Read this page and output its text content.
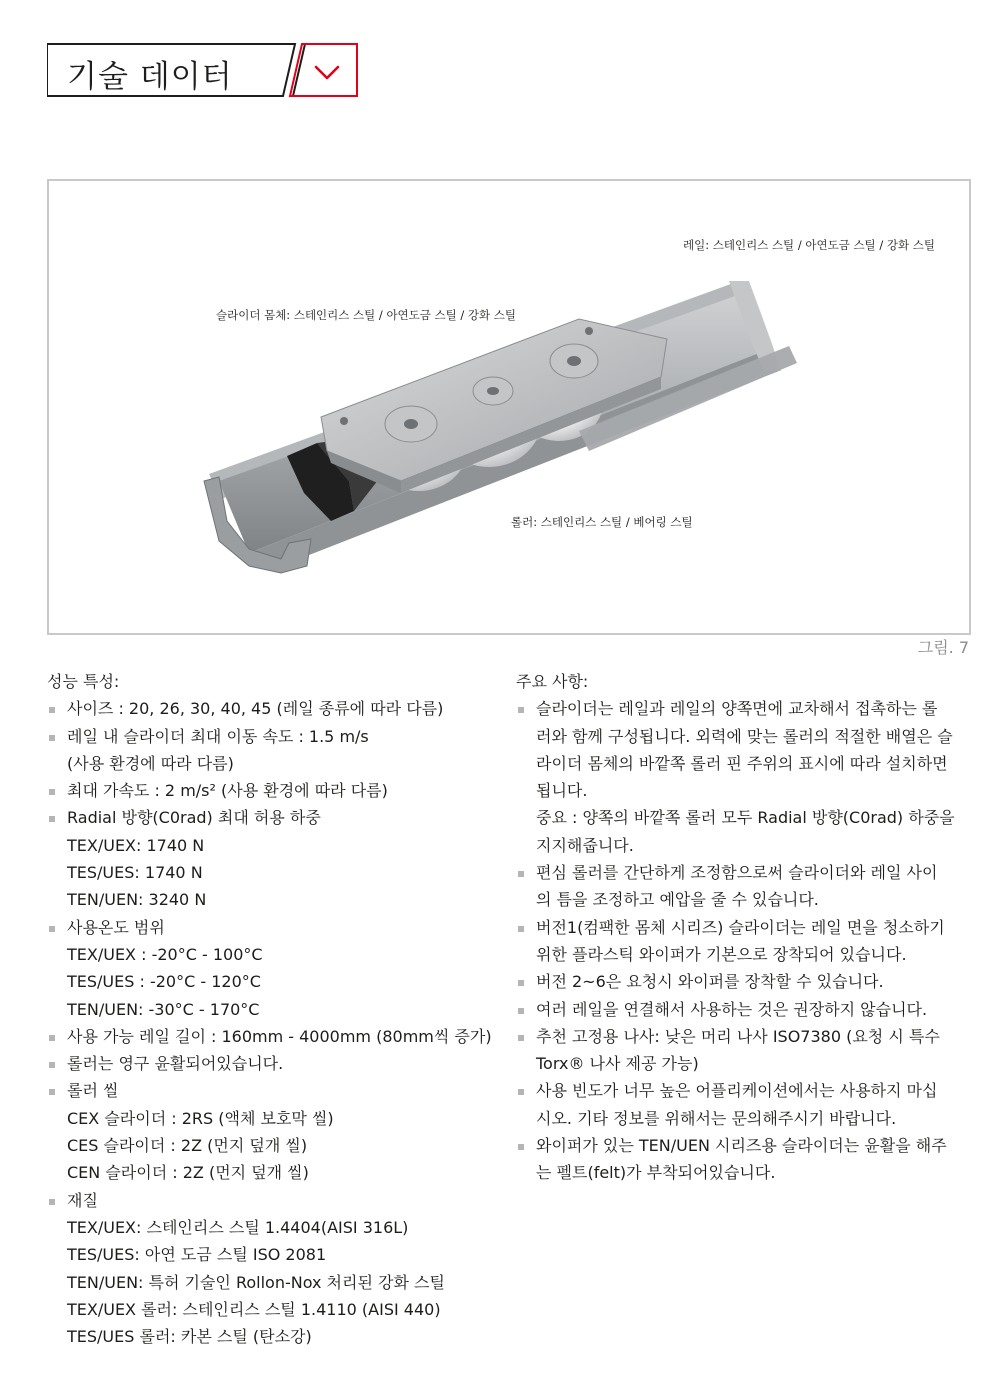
기술 데이터
레일: 스테인리스 스틸 / 아연도금 스틸 / 강화 스틸
슬라이더 몸체: 스테인리스 스틸 / 아연도금 스틸 / 강화 스틸
롤러: 스테인리스 스틸 / 베어링 스틸
그림. 7
성능 특성:
사이즈 : 20, 26, 30, 40, 45 (레일 종류에 따라 다름)
레일 내 슬라이더 최대 이동 속도 : 1.5 m/s
(사용 환경에 따라 다름)
최대 가속도 : 2 m/s² (사용 환경에 따라 다름)
Radial 방향(C0rad) 최대 허용 하중
TEX/UEX: 1740 N
TES/UES: 1740 N
TEN/UEN: 3240 N
사용온도 범위
TEX/UEX : -20°C - 100°C
TES/UES : -20°C - 120°C
TEN/UEN: -30°C - 170°C
사용 가능 레일 길이 : 160mm - 4000mm (80mm씩 증가)
롤러는 영구 윤활되어있습니다.
롤러 씰
CEX 슬라이더 : 2RS (액체 보호막 씰)
CES 슬라이더 : 2Z (먼지 덮개 씰)
CEN 슬라이더 : 2Z (먼지 덮개 씰)
재질
TEX/UEX: 스테인리스 스틸 1.4404(AISI 316L)
TES/UES: 아연 도금 스틸 ISO 2081
TEN/UEN: 특허 기술인 Rollon-Nox 처리된 강화 스틸
TEX/UEX 롤러: 스테인리스 스틸 1.4110 (AISI 440)
TES/UES 롤러: 카본 스틸 (탄소강)
주요 사항:
슬라이더는 레일과 레일의 양쪽면에 교차해서 접촉하는 롤
러와 함께 구성됩니다. 외력에 맞는 롤러의 적절한 배열은 슬
라이더 몸체의 바깥쪽 롤러 핀 주위의 표시에 따라 설치하면
됩니다.
중요 : 양쪽의 바깥쪽 롤러 모두 Radial 방향(C0rad) 하중을
지지해줍니다.
편심 롤러를 간단하게 조정함으로써 슬라이더와 레일 사이
의 틈을 조정하고 예압을 줄 수 있습니다.
버전1(컴팩한 몸체 시리즈) 슬라이더는 레일 면을 청소하기
위한 플라스틱 와이퍼가 기본으로 장착되어 있습니다.
버전 2~6은 요청시 와이퍼를 장착할 수 있습니다.
여러 레일을 연결해서 사용하는 것은 권장하지 않습니다.
추천 고정용 나사: 낮은 머리 나사 ISO7380 (요청 시 특수
Torx® 나사 제공 가능)
사용 빈도가 너무 높은 어플리케이션에서는 사용하지 마십
시오. 기타 정보를 위해서는 문의해주시기 바랍니다.
와이퍼가 있는 TEN/UEN 시리즈용 슬라이더는 윤활을 해주
는 펠트(felt)가 부착되어있습니다.
